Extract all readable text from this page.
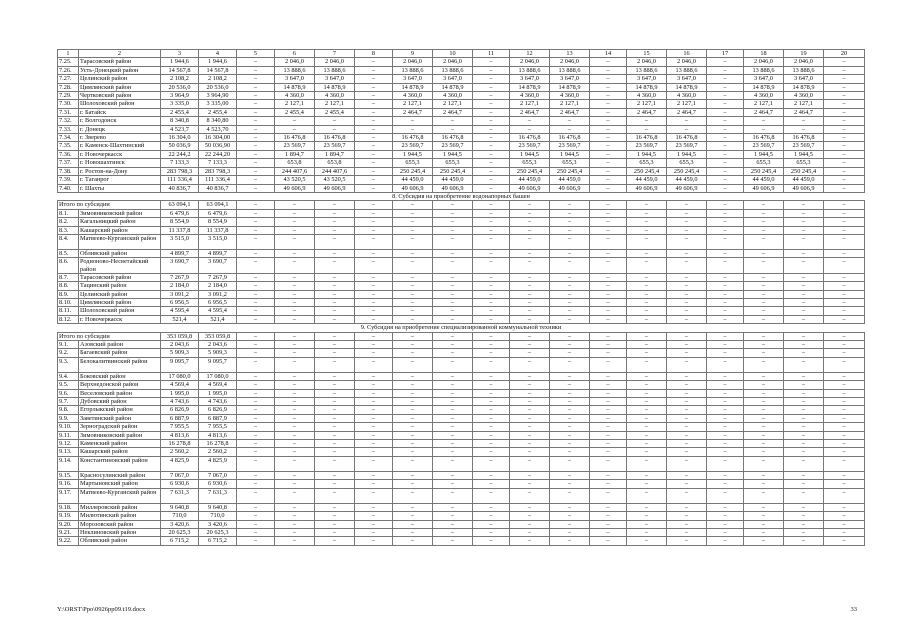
1	2	3	4	5	6	7	8	9	10	11	12	13	14	15	16	17	18	19	20
7.25.	Тарасовский район	1 944,6	1 944,6	–	2 046,0	2 046,0	–	2 046,0	2 046,0	–	2 046,0	2 046,0	–	2 046,0	2 046,0	–	2 046,0	2 046,0	–
7.26.	Усть-Донецкий район	14 567,8	14 567,8	–	13 888,6	13 888,6	–	13 888,6	13 888,6	–	13 888,6	13 888,6	–	13 888,6	13 888,6	–	13 888,6	13 888,6	–
7.27.	Целинский район	2 108,2	2 108,2	–	3 647,0	3 647,0	–	3 647,0	3 647,0	–	3 647,0	3 647,0	–	3 647,0	3 647,0	–	3 647,0	3 647,0	–
7.28.	Цимлянский район	20 536,0	20 536,0	–	14 878,9	14 878,9	–	14 878,9	14 878,9	–	14 878,9	14 878,9	–	14 878,9	14 878,9	–	14 878,9	14 878,9	–
7.29.	Чертковский район	3 964,9	3 964,90	–	4 360,0	4 360,0	–	4 360,0	4 360,0	–	4 360,0	4 360,0	–	4 360,0	4 360,0	–	4 360,0	4 360,0	–
7.30.	Шолоховский район	3 335,0	3 335,00	–	2 127,1	2 127,1	–	2 127,1	2 127,1	–	2 127,1	2 127,1	–	2 127,1	2 127,1	–	2 127,1	2 127,1	–
7.31.	г. Батайск	2 455,4	2 455,4	–	2 455,4	2 455,4	–	2 464,7	2 464,7	–	2 464,7	2 464,7	–	2 464,7	2 464,7	–	2 464,7	2 464,7	–
7.32.	г. Волгодонск	8 340,8	8 340,80	–	–	–	–	–	–	–	–	–	–	–	–	–	–	–	–
7.33.	г. Донецк	4 523,7	4 523,70	–	–	–	–	–	–	–	–	–	–	–	–	–	–	–	–
7.34.	г. Зверево	16 304,0	16 304,00	–	16 476,8	16 476,8	–	16 476,8	16 476,8	–	16 476,8	16 476,8	–	16 476,8	16 476,8	–	16 476,8	16 476,8	–
7.35.	г. Каменск-Шахтинский	50 036,9	50 036,90	–	23 569,7	23 569,7	–	23 569,7	23 569,7	–	23 569,7	23 569,7	–	23 569,7	23 569,7	–	23 569,7	23 569,7	–
7.36.	г. Новочеркасск	22 244,2	22 244,20	–	1 894,7	1 894,7	–	1 944,5	1 944,5	–	1 944,5	1 944,5	–	1 944,5	1 944,5	–	1 944,5	1 944,5	–
7.37.	г. Новошахтинск	7 133,3	7 133,3	–	653,8	653,8	–	655,3	655,3	–	655,3	655,3	–	655,3	655,3	–	655,3	655,3	–
7.38.	г. Ростов-на-Дону	283 798,3	283 798,3	–	244 407,6	244 407,6	–	250 245,4	250 245,4	–	250 245,4	250 245,4	–	250 245,4	250 245,4	–	250 245,4	250 245,4	–
7.39.	г. Таганрог	111 336,4	111 336,4	–	43 520,5	43 520,5	–	44 459,0	44 459,0	–	44 459,0	44 459,0	–	44 459,0	44 459,0	–	44 459,0	44 459,0	–
7.40.	г. Шахты	40 836,7	40 836,7	–	49 606,9	49 606,9	–	49 606,9	49 606,9	–	49 606,9	49 606,9	–	49 606,9	49 606,9	–	49 606,9	49 606,9	–
8. Субсидия на приобретение водонапорных башен																			
Итого по субсидии		63 094,1	63 094,1	–	–	–	–	–	–	–	–	–	–	–	–	–	–	–	–
8.1.	Зимовниковский район	6 479,6	6 479,6	–	–	–	–	–	–	–	–	–	–	–	–	–	–	–	–
8.2.	Кагальницкий район	8 554,9	8 554,9	–	–	–	–	–	–	–	–	–	–	–	–	–	–	–	–
8.3.	Кашарский район	11 337,8	11 337,8	–	–	–	–	–	–	–	–	–	–	–	–	–	–	–	–
8.4.	Матвеево-Курганский район	3 515,0	3 515,0	–	–	–	–	–	–	–	–	–	–	–	–	–	–	–	–
8.5.	Обливский район	4 899,7	4 899,7	–	–	–	–	–	–	–	–	–	–	–	–	–	–	–	–
8.6.	Родионово-Несветайский район	3 690,7	3 690,7	–	–	–	–	–	–	–	–	–	–	–	–	–	–	–	–
8.7.	Тарасовский район	7 267,9	7 267,9	–	–	–	–	–	–	–	–	–	–	–	–	–	–	–	–
8.8.	Тацинский район	2 184,0	2 184,0	–	–	–	–	–	–	–	–	–	–	–	–	–	–	–	–
8.9.	Целинский район	3 091,2	3 091,2	–	–	–	–	–	–	–	–	–	–	–	–	–	–	–	–
8.10.	Цимлянский район	6 956,5	6 956,5	–	–	–	–	–	–	–	–	–	–	–	–	–	–	–	–
8.11.	Шолоховский район	4 595,4	4 595,4	–	–	–	–	–	–	–	–	–	–	–	–	–	–	–	–
8.12.	г. Новочеркасск	521,4	521,4	–	–	–	–	–	–	–	–	–	–	–	–	–	–	–	–
9. Субсидия на приобретение специализированной коммунальной техники																			
Итого по субсидии		353 059,8	353 059,8	–	–	–	–	–	–	–	–	–	–	–	–	–	–	–	–
9.1.	Азовский район	2 043,6	2 043,6	–	–	–	–	–	–	–	–	–	–	–	–	–	–	–	–
9.2.	Багаевский район	5 909,3	5 909,3	–	–	–	–	–	–	–	–	–	–	–	–	–	–	–	–
9.3.	Белокалитвинский район	9 095,7	9 095,7	–	–	–	–	–	–	–	–	–	–	–	–	–	–	–	–
9.4.	Боковский район	17 080,0	17 080,0	–	–	–	–	–	–	–	–	–	–	–	–	–	–	–	–
9.5.	Верхнедонской район	4 569,4	4 569,4	–	–	–	–	–	–	–	–	–	–	–	–	–	–	–	–
9.6.	Веселовский район	1 995,0	1 995,0	–	–	–	–	–	–	–	–	–	–	–	–	–	–	–	–
9.7.	Дубовский район	4 743,6	4 743,6	–	–	–	–	–	–	–	–	–	–	–	–	–	–	–	–
9.8.	Егорлыкский район	6 826,9	6 826,9	–	–	–	–	–	–	–	–	–	–	–	–	–	–	–	–
9.9.	Заветинский район	6 887,9	6 887,9	–	–	–	–	–	–	–	–	–	–	–	–	–	–	–	–
9.10.	Зерноградский район	7 955,5	7 955,5	–	–	–	–	–	–	–	–	–	–	–	–	–	–	–	–
9.11.	Зимовниковский район	4 813,6	4 813,6	–	–	–	–	–	–	–	–	–	–	–	–	–	–	–	–
9.12.	Каменский район	16 278,8	16 278,8	–	–	–	–	–	–	–	–	–	–	–	–	–	–	–	–
9.13.	Кашарский район	2 560,2	2 560,2	–	–	–	–	–	–	–	–	–	–	–	–	–	–	–	–
9.14.	Константиновский район	4 825,9	4 825,9	–	–	–	–	–	–	–	–	–	–	–	–	–	–	–	–
9.15.	Красносулинский район	7 067,0	7 067,0	–	–	–	–	–	–	–	–	–	–	–	–	–	–	–	–
9.16.	Мартыновский район	6 930,6	6 930,6	–	–	–	–	–	–	–	–	–	–	–	–	–	–	–	–
9.17.	Матвеево-Курганский район	7 631,3	7 631,3	–	–	–	–	–	–	–	–	–	–	–	–	–	–	–	–
9.18.	Миллеровский район	9 640,8	9 640,8	–	–	–	–	–	–	–	–	–	–	–	–	–	–	–	–
9.19.	Милютинский район	710,0	710,0	–	–	–	–	–	–	–	–	–	–	–	–	–	–	–	–
9.20.	Морозовский район	3 420,6	3 420,6	–	–	–	–	–	–	–	–	–	–	–	–	–	–	–	–
9.21.	Неклиновский район	20 625,3	20 625,3	–	–	–	–	–	–	–	–	–	–	–	–	–	–	–	–
9.22.	Обливский район	6 715,2	6 715,2	–	–	–	–	–	–	–	–	–	–	–	–	–	–	–	–
Y:\ORST\Ppo\0926pp09.t19.docx	33
